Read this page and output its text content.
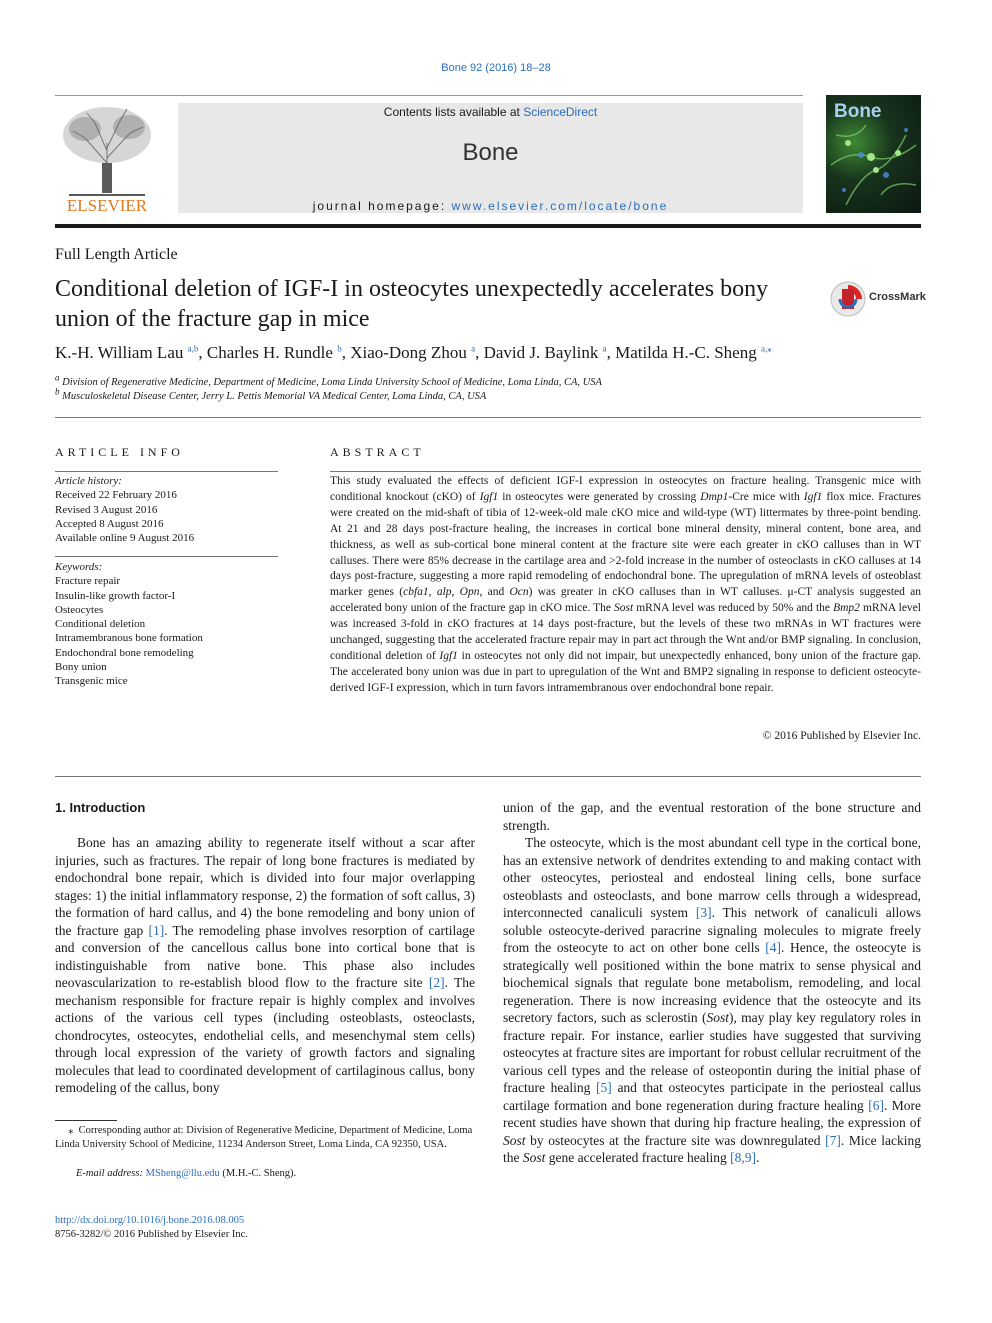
Bone 92 (2016) 18–28
ELSEVIER
Contents lists available at ScienceDirect
Bone
journal homepage: www.elsevier.com/locate/bone
Bone
Full Length Article
Conditional deletion of IGF-I in osteocytes unexpectedly accelerates bony union of the fracture gap in mice
CrossMark
K.-H. William Lau $^{a,b}$, Charles H. Rundle $^b$, Xiao-Dong Zhou $^a$, David J. Baylink $^a$, Matilda H.-C. Sheng $^{a,⁎}$
$^a$ Division of Regenerative Medicine, Department of Medicine, Loma Linda University School of Medicine, Loma Linda, CA, USA
$^b$ Musculoskeletal Disease Center, Jerry L. Pettis Memorial VA Medical Center, Loma Linda, CA, USA
ARTICLE INFO
Article history:
Received 22 February 2016
Revised 3 August 2016
Accepted 8 August 2016
Available online 9 August 2016
Keywords:
Fracture repair
Insulin-like growth factor-I
Osteocytes
Conditional deletion
Intramembranous bone formation
Endochondral bone remodeling
Bony union
Transgenic mice
ABSTRACT
This study evaluated the effects of deficient IGF-I expression in osteocytes on fracture healing. Transgenic mice with conditional knockout (cKO) of Igf1 in osteocytes were generated by crossing Dmp1-Cre mice with Igf1 flox mice. Fractures were created on the mid-shaft of tibia of 12-week-old male cKO mice and wild-type (WT) littermates by three-point bending. At 21 and 28 days post-fracture healing, the increases in cortical bone mineral density, mineral content, bone area, and thickness, as well as sub-cortical bone mineral content at the fracture site were each greater in cKO calluses than in WT calluses. There were 85% decrease in the cartilage area and >2-fold increase in the number of osteoclasts in cKO calluses at 14 days post-fracture, suggesting a more rapid remodeling of endochondral bone. The upregulation of mRNA levels of osteoblast marker genes (cbfa1, alp, Opn, and Ocn) was greater in cKO calluses than in WT calluses. μ-CT analysis suggested an accelerated bony union of the fracture gap in cKO mice. The Sost mRNA level was reduced by 50% and the Bmp2 mRNA level was increased 3-fold in cKO fractures at 14 days post-fracture, but the levels of these two mRNAs in WT fractures were unchanged, suggesting that the accelerated fracture repair may in part act through the Wnt and/or BMP signaling. In conclusion, conditional deletion of Igf1 in osteocytes not only did not impair, but unexpectedly enhanced, bony union of the fracture gap. The accelerated bony union was due in part to upregulation of the Wnt and BMP2 signaling in response to deficient osteocyte-derived IGF-I expression, which in turn favors intramembranous over endochondral bone repair.
© 2016 Published by Elsevier Inc.
1. Introduction
Bone has an amazing ability to regenerate itself without a scar after injuries, such as fractures. The repair of long bone fractures is mediated by endochondral bone repair, which is divided into four major overlapping stages: 1) the initial inflammatory response, 2) the formation of soft callus, 3) the formation of hard callus, and 4) the bone remodeling and bony union of the fracture gap [1]. The remodeling phase involves resorption of cartilage and conversion of the cancellous callus bone into cortical bone that is indistinguishable from native bone. This phase also includes neovascularization to re-establish blood flow to the fracture site [2]. The mechanism responsible for fracture repair is highly complex and involves actions of the various cell types (including osteoblasts, osteoclasts, chondrocytes, osteocytes, endothelial cells, and mesenchymal stem cells) through local expression of the variety of growth factors and signaling molecules that lead to coordinated development of cartilaginous callus, bony remodeling of the callus, bony
union of the gap, and the eventual restoration of the bone structure and strength.
The osteocyte, which is the most abundant cell type in the cortical bone, has an extensive network of dendrites extending to and making contact with other osteocytes, periosteal and endosteal lining cells, bone surface osteoblasts and osteoclasts, and bone marrow cells through a widespread, interconnected canaliculi system [3]. This network of canaliculi allows soluble osteocyte-derived paracrine signaling molecules to migrate freely from the osteocyte to act on other bone cells [4]. Hence, the osteocyte is strategically well positioned within the bone matrix to sense physical and biochemical signals that regulate bone metabolism, remodeling, and local regeneration. There is now increasing evidence that the osteocyte and its secretory factors, such as sclerostin (Sost), may play key regulatory roles in fracture repair. For instance, earlier studies have suggested that surviving osteocytes at fracture sites are important for robust cellular recruitment of the various cell types and the release of osteopontin during the initial phase of fracture healing [5] and that osteocytes participate in the periosteal callus cartilage formation and bone regeneration during fracture healing [6]. More recent studies have shown that during hip fracture healing, the expression of Sost by osteocytes at the fracture site was downregulated [7]. Mice lacking the Sost gene accelerated fracture healing [8,9].
⁎  Corresponding author at: Division of Regenerative Medicine, Department of Medicine, Loma Linda University School of Medicine, 11234 Anderson Street, Loma Linda, CA 92350, USA.
E-mail address: MSheng@llu.edu (M.H.-C. Sheng).
http://dx.doi.org/10.1016/j.bone.2016.08.005
8756-3282/© 2016 Published by Elsevier Inc.
